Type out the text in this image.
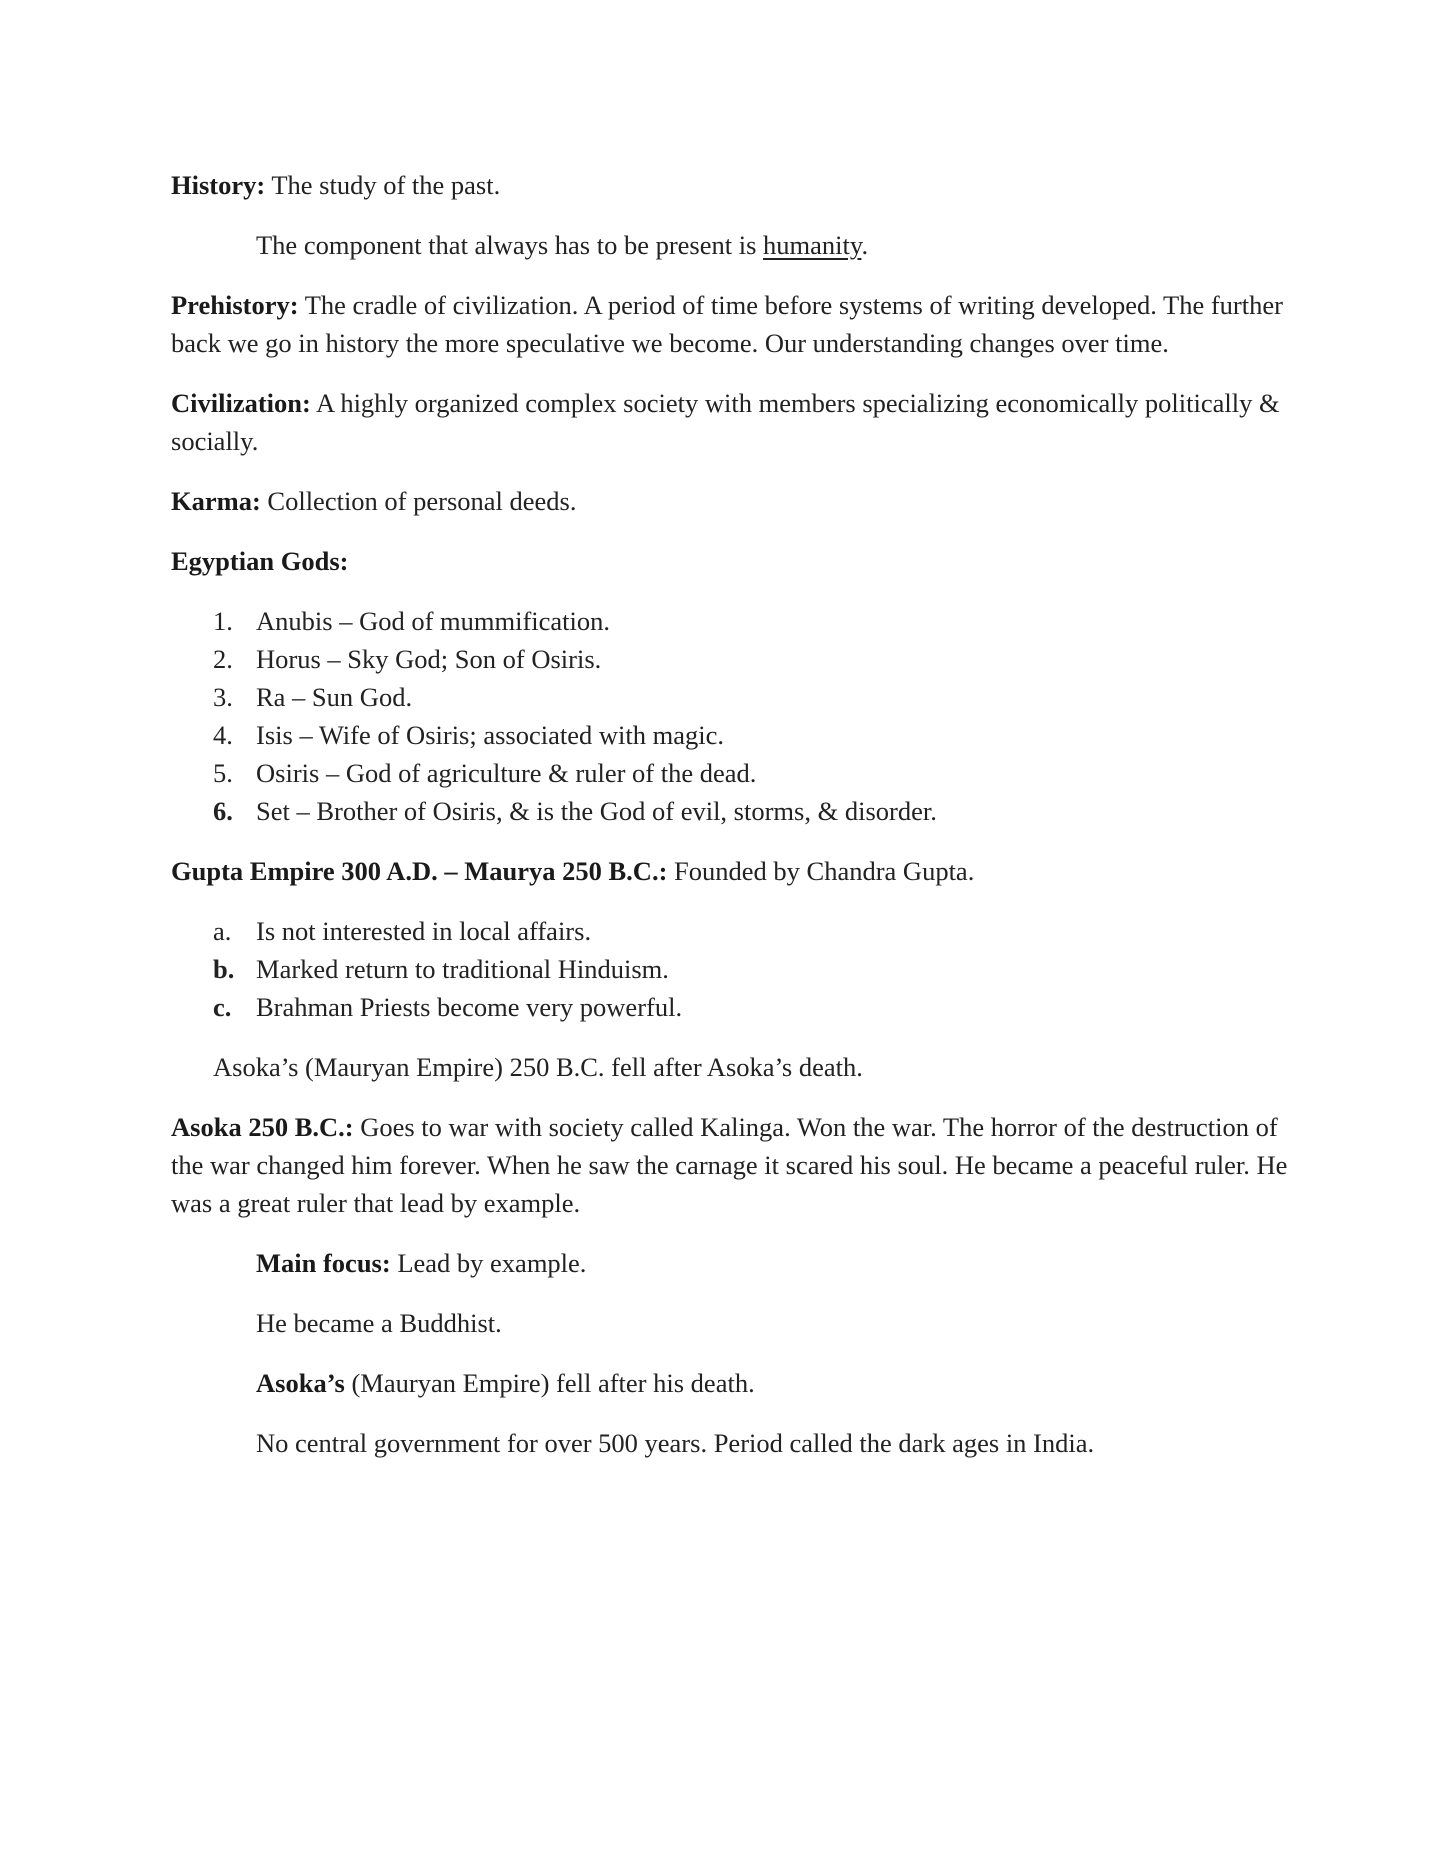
History: The study of the past.

The component that always has to be present is humanity.

Prehistory: The cradle of civilization. A period of time before systems of writing developed. The further back we go in history the more speculative we become. Our understanding changes over time.

Civilization: A highly organized complex society with members specializing economically politically & socially.

Karma: Collection of personal deeds.

Egyptian Gods:

1. Anubis – God of mummification.
2. Horus – Sky God; Son of Osiris.
3. Ra – Sun God.
4. Isis – Wife of Osiris; associated with magic.
5. Osiris – God of agriculture & ruler of the dead.
6. Set – Brother of Osiris, & is the God of evil, storms, & disorder.

Gupta Empire 300 A.D. – Maurya 250 B.C.: Founded by Chandra Gupta.

a. Is not interested in local affairs.
b. Marked return to traditional Hinduism.
c. Brahman Priests become very powerful.

Asoka’s (Mauryan Empire) 250 B.C. fell after Asoka’s death.

Asoka 250 B.C.: Goes to war with society called Kalinga. Won the war. The horror of the destruction of the war changed him forever. When he saw the carnage it scared his soul. He became a peaceful ruler. He was a great ruler that lead by example.

Main focus: Lead by example.

He became a Buddhist.

Asoka’s (Mauryan Empire) fell after his death.

No central government for over 500 years. Period called the dark ages in India.
